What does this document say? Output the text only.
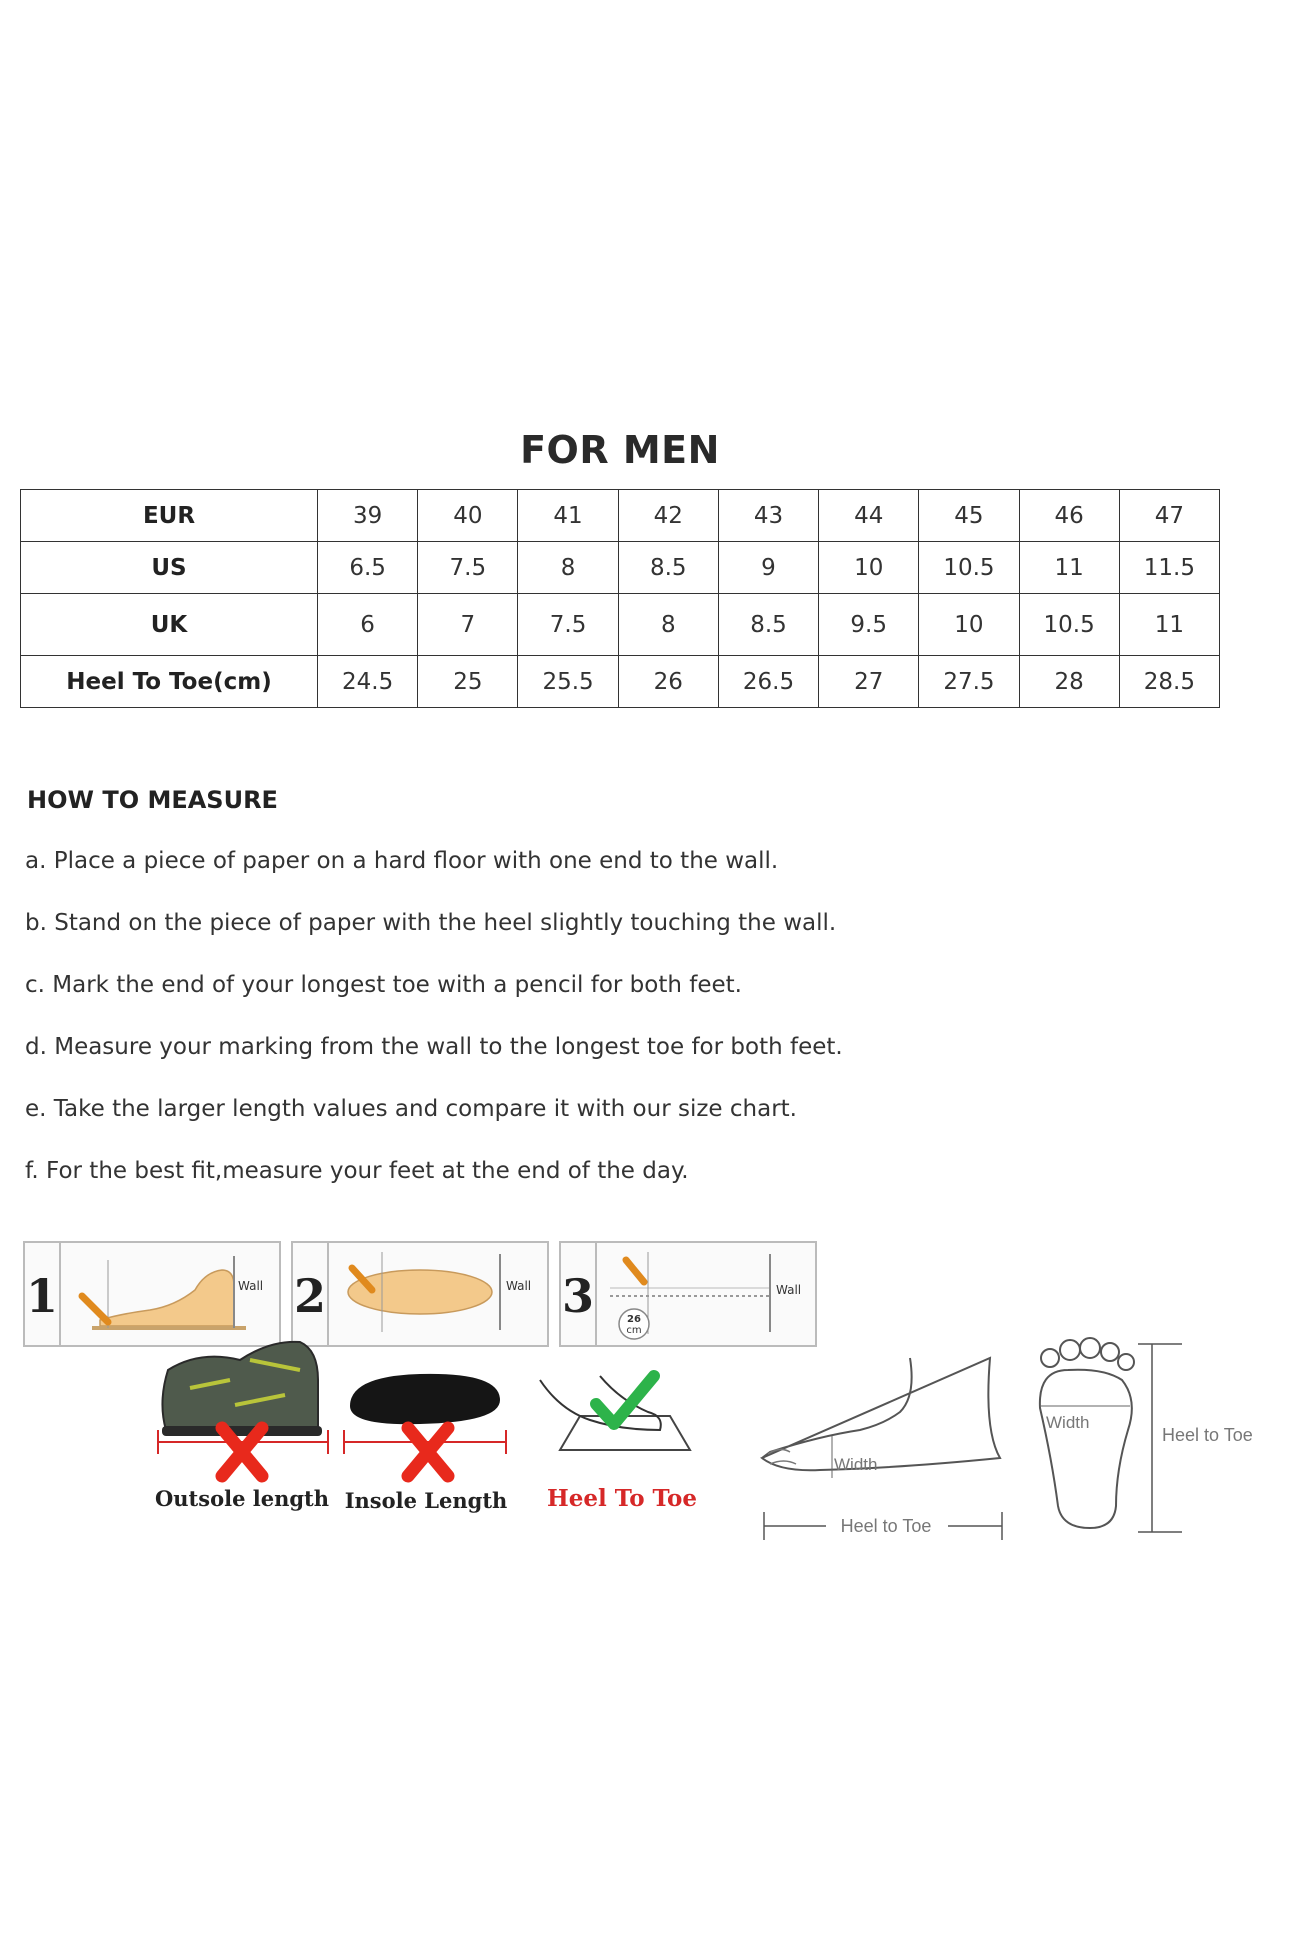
FOR MEN
EUR	39	40	41	42	43	44	45	46	47
US	6.5	7.5	8	8.5	9	10	10.5	11	11.5
UK	6	7	7.5	8	8.5	9.5	10	10.5	11
Heel To Toe(cm)	24.5	25	25.5	26	26.5	27	27.5	28	28.5
HOW TO MEASURE
a. Place a piece of paper on a hard floor with one end to the wall.
b. Stand on the piece of paper with the heel slightly touching the wall.
c. Mark the end of your longest toe with a pencil for both feet.
d. Measure your marking from the wall to the longest toe for both feet.
e. Take the larger length values and compare it with our size chart.
f. For the best fit,measure your feet at the end of the day.
1	Wall 2	Wall 3	26
cm
Wall
Outsole length Insole Length Heel To Toe
Width
Heel to Toe
Width
Heel to Toe
